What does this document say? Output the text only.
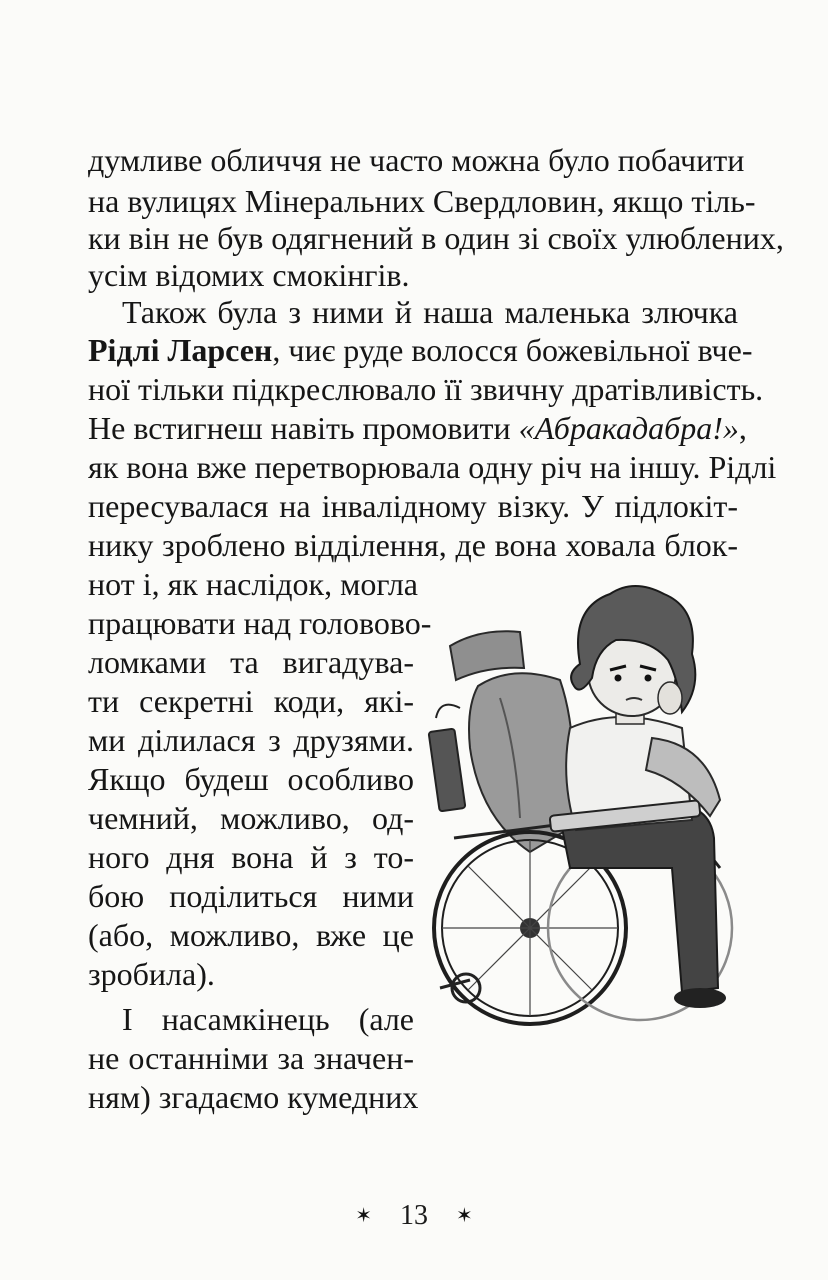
думливе обличчя не часто можна було побачити
на вулицях Мінеральних Свердловин, якщо тіль-
ки він не був одягнений в один зі своїх улюблених,
усім відомих смокінгів.
Також була з ними й наша маленька злючка
Рідлі Ларсен, чиє руде волосся божевільної вче-
ної тільки підкреслювало її звичну дратівливість.
Не встигнеш навіть промовити «Абракадабра!»,
як вона вже перетворювала одну річ на іншу. Рідлі
пересувалася на інвалідному візку. У підлокіт-
нику зроблено відділення, де вона ховала блок-
нот і, як наслідок, могла
працювати над головово-
ломками та вигадува-
ти секретні коди, які-
ми ділилася з друзями.
Якщо будеш особливо
чемний, можливо, од-
ного дня вона й з то-
бою поділиться ними
(або, можливо, вже це
зробила).
І насамкінець (але
не останніми за значен-
ням) згадаємо кумедних
✶ 13 ✶
